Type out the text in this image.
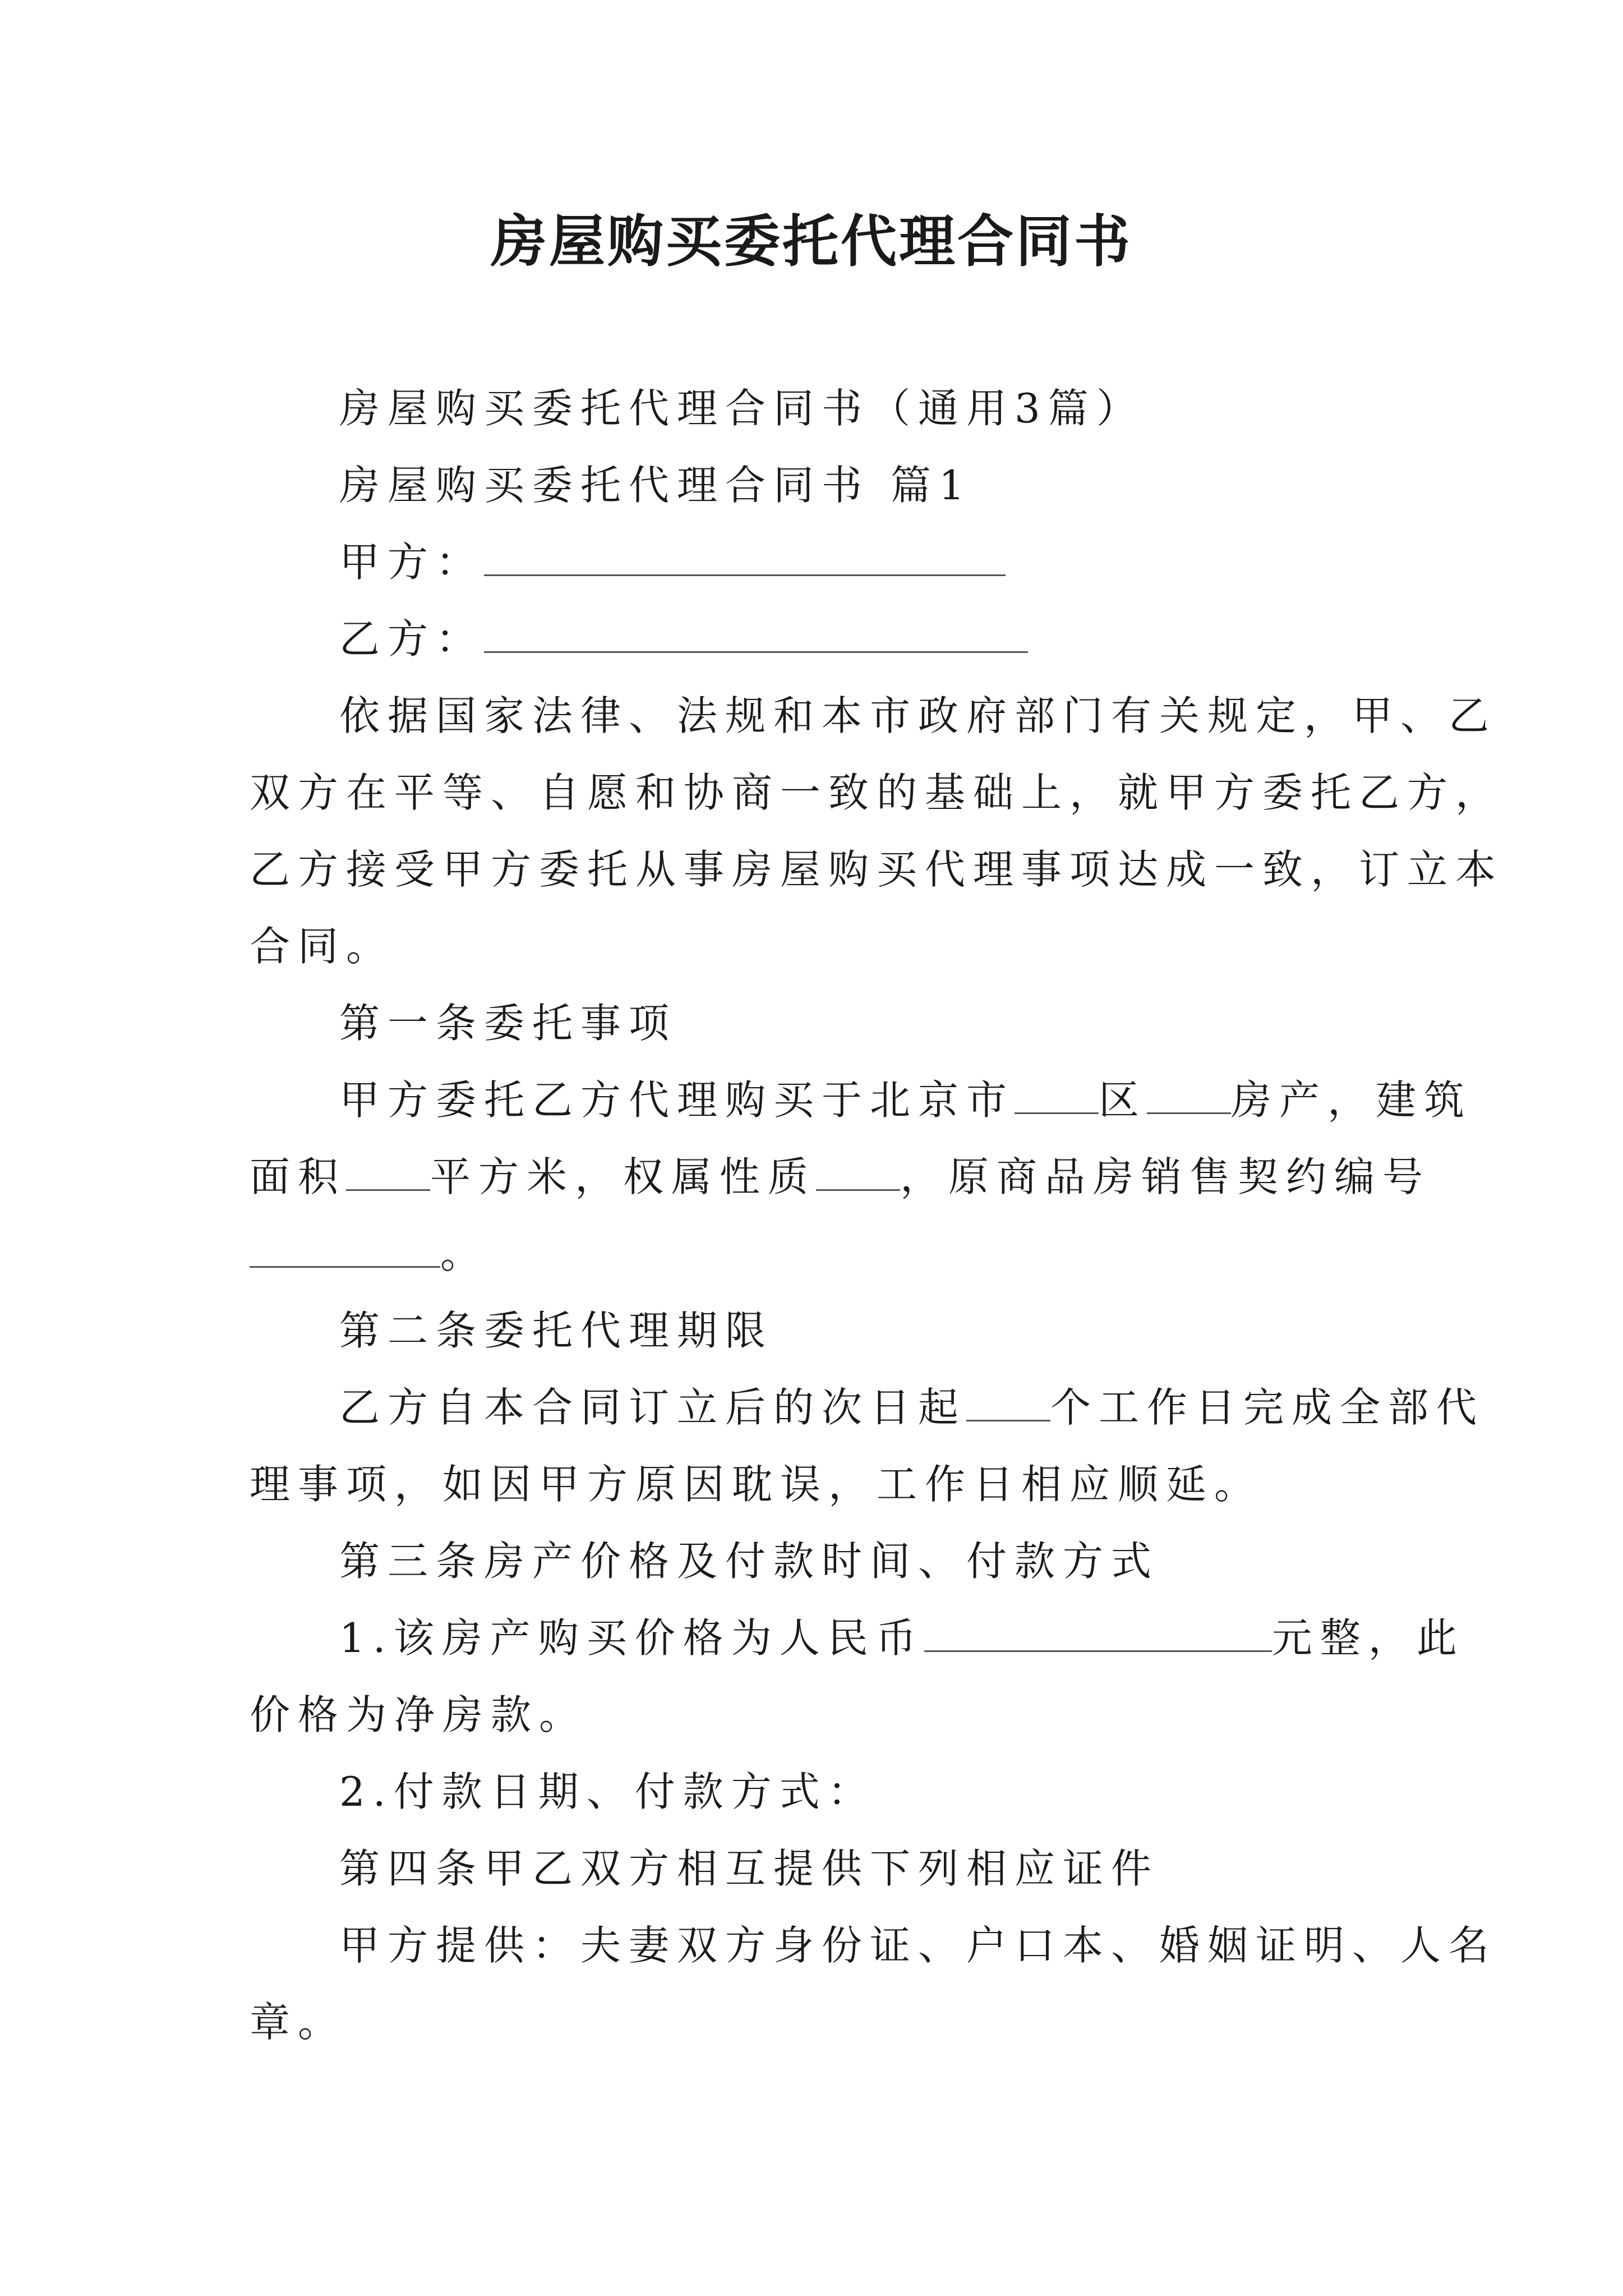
房屋购买委托代理合同书

房屋购买委托代理合同书（通用3篇）

房屋购买委托代理合同书 篇1

甲方：

乙方：

依据国家法律、法规和本市政府部门有关规定，甲、乙

双方在平等、自愿和协商一致的基础上，就甲方委托乙方，

乙方接受甲方委托从事房屋购买代理事项达成一致，订立本

合同。

第一条委托事项

甲方委托乙方代理购买于北京市 区 房产，建筑

面积 平方米，权属性质 ，原商品房销售契约编号

。

第二条委托代理期限

乙方自本合同订立后的次日起 个工作日完成全部代

理事项，如因甲方原因耽误，工作日相应顺延。

第三条房产价格及付款时间、付款方式

1.该房产购买价格为人民币	元整，此

价格为净房款。

2.付款日期、付款方式：

第四条甲乙双方相互提供下列相应证件

甲方提供：夫妻双方身份证、户口本、婚姻证明、人名

章。
